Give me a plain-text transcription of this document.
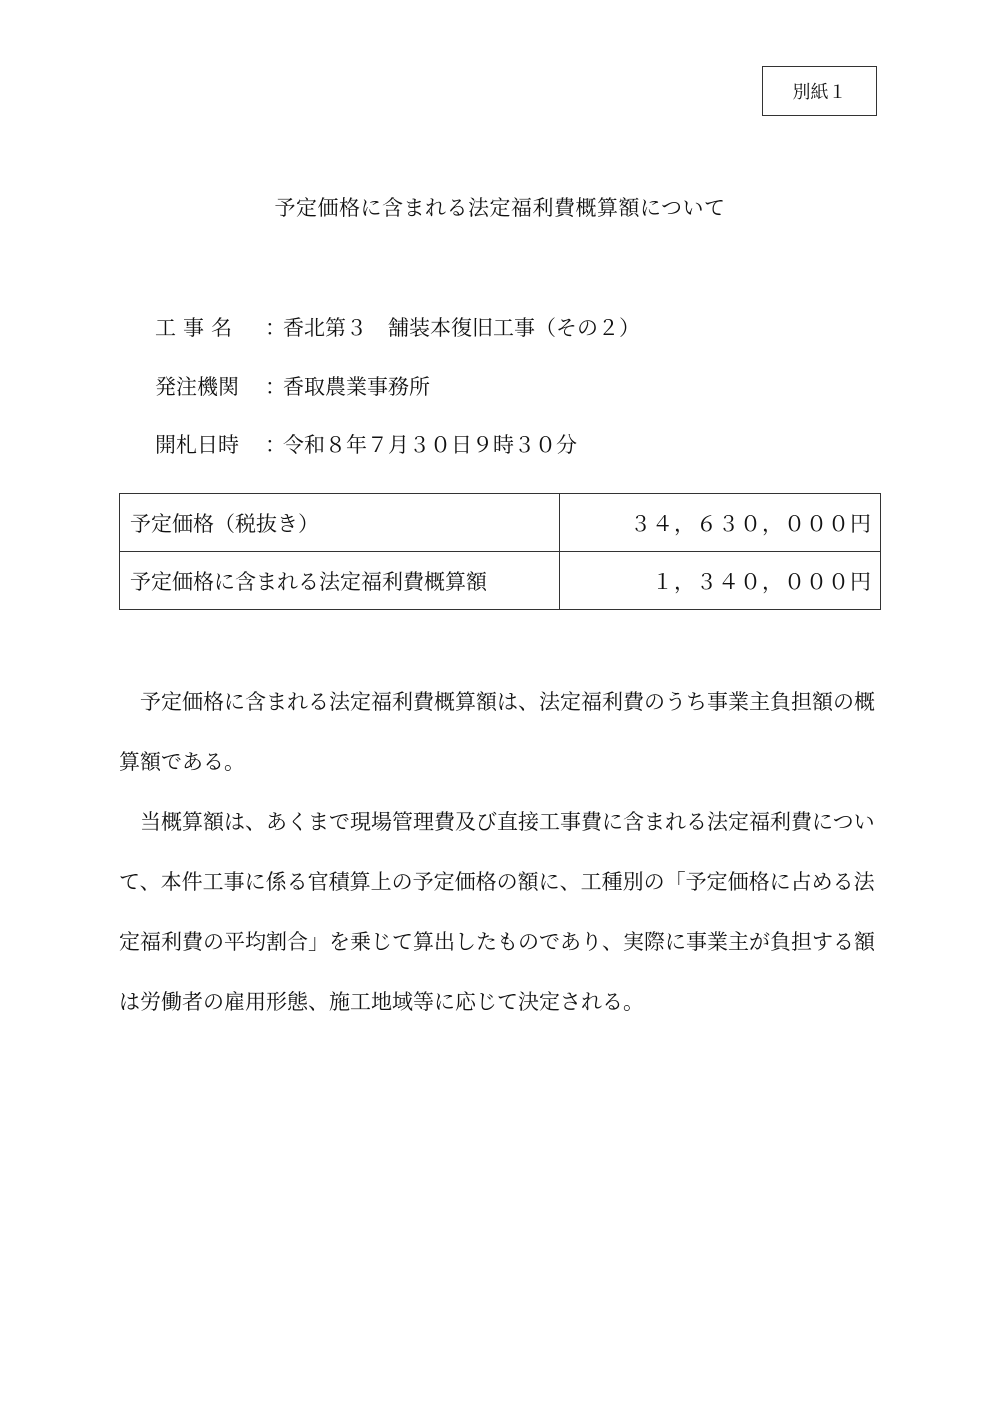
別紙１
予定価格に含まれる法定福利費概算額について
工事名	：
香北第３　舗装本復旧工事（その２）
発注機関	：
香取農業事務所
開札日時	：
令和８年７月３０日９時３０分
予定価格（税抜き）	３４，６３０，０００円
予定価格に含まれる法定福利費概算額	１，３４０，０００円

予定価格に含まれる法定福利費概算額は、法定福利費のうち事業主負担額の概算額である。

当概算額は、あくまで現場管理費及び直接工事費に含まれる法定福利費について、本件工事に係る官積算上の予定価格の額に、工種別の「予定価格に占める法定福利費の平均割合」を乗じて算出したものであり、実際に事業主が負担する額は労働者の雇用形態、施工地域等に応じて決定される。
